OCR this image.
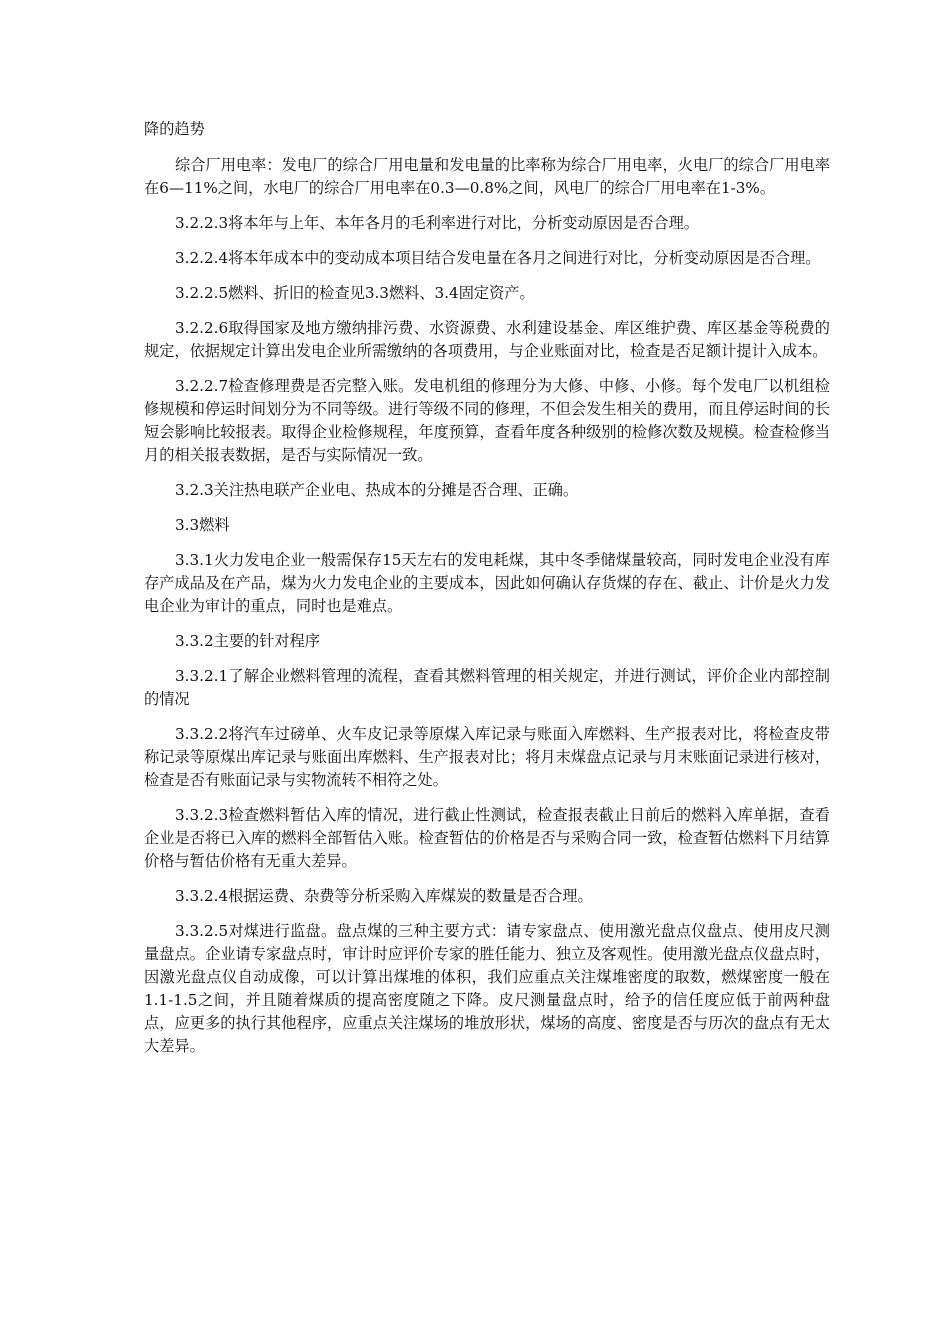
降的趋势

综合厂用电率：发电厂的综合厂用电量和发电量的比率称为综合厂用电率，火电厂的综合厂用电率在6—11%之间，水电厂的综合厂用电率在0.3—0.8%之间，风电厂的综合厂用电率在1-3%。

3.2.2.3将本年与上年、本年各月的毛利率进行对比，分析变动原因是否合理。

3.2.2.4将本年成本中的变动成本项目结合发电量在各月之间进行对比，分析变动原因是否合理。

3.2.2.5燃料、折旧的检查见3.3燃料、3.4固定资产。

3.2.2.6取得国家及地方缴纳排污费、水资源费、水利建设基金、库区维护费、库区基金等税费的规定，依据规定计算出发电企业所需缴纳的各项费用，与企业账面对比，检查是否足额计提计入成本。

3.2.2.7检查修理费是否完整入账。发电机组的修理分为大修、中修、小修。每个发电厂以机组检修规模和停运时间划分为不同等级。进行等级不同的修理，不但会发生相关的费用，而且停运时间的长短会影响比较报表。取得企业检修规程，年度预算，查看年度各种级别的检修次数及规模。检查检修当月的相关报表数据，是否与实际情况一致。

3.2.3关注热电联产企业电、热成本的分摊是否合理、正确。

3.3燃料

3.3.1火力发电企业一般需保存15天左右的发电耗煤，其中冬季储煤量较高，同时发电企业没有库存产成品及在产品，煤为火力发电企业的主要成本，因此如何确认存货煤的存在、截止、计价是火力发电企业为审计的重点，同时也是难点。

3.3.2主要的针对程序

3.3.2.1了解企业燃料管理的流程，查看其燃料管理的相关规定，并进行测试，评价企业内部控制的情况

3.3.2.2将汽车过磅单、火车皮记录等原煤入库记录与账面入库燃料、生产报表对比，将检查皮带称记录等原煤出库记录与账面出库燃料、生产报表对比；将月末煤盘点记录与月末账面记录进行核对，检查是否有账面记录与实物流转不相符之处。

3.3.2.3检查燃料暂估入库的情况，进行截止性测试，检查报表截止日前后的燃料入库单据，查看企业是否将已入库的燃料全部暂估入账。检查暂估的价格是否与采购合同一致，检查暂估燃料下月结算价格与暂估价格有无重大差异。

3.3.2.4根据运费、杂费等分析采购入库煤炭的数量是否合理。

3.3.2.5对煤进行监盘。盘点煤的三种主要方式：请专家盘点、使用激光盘点仪盘点、使用皮尺测量盘点。企业请专家盘点时，审计时应评价专家的胜任能力、独立及客观性。使用激光盘点仪盘点时，因激光盘点仪自动成像，可以计算出煤堆的体积，我们应重点关注煤堆密度的取数，燃煤密度一般在1.1-1.5之间，并且随着煤质的提高密度随之下降。皮尺测量盘点时，给予的信任度应低于前两种盘点，应更多的执行其他程序，应重点关注煤场的堆放形状，煤场的高度、密度是否与历次的盘点有无太大差异。
